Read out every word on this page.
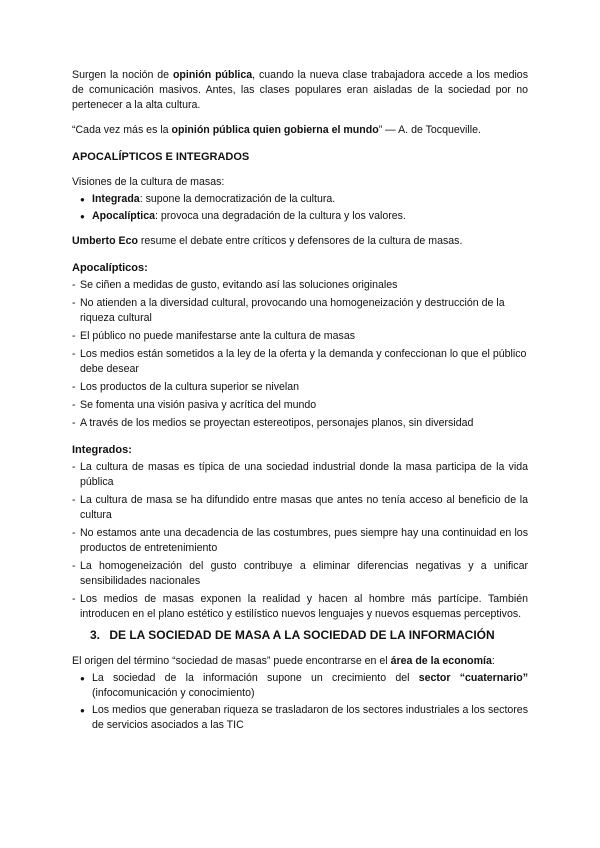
Surgen la noción de opinión pública, cuando la nueva clase trabajadora accede a los medios de comunicación masivos. Antes, las clases populares eran aisladas de la sociedad por no pertenecer a la alta cultura.

“Cada vez más es la opinión pública quien gobierna el mundo” — A. de Tocqueville.

APOCALÍPTICOS E INTEGRADOS

Visiones de la cultura de masas:

● Integrada: supone la democratización de la cultura.
● Apocalíptica: provoca una degradación de la cultura y los valores.

Umberto Eco resume el debate entre críticos y defensores de la cultura de masas.

Apocalípticos:
- Se ciñen a medidas de gusto, evitando así las soluciones originales
- No atienden a la diversidad cultural, provocando una homogeneización y destrucción de la riqueza cultural
- El público no puede manifestarse ante la cultura de masas
- Los medios están sometidos a la ley de la oferta y la demanda y confeccionan lo que el público debe desear
- Los productos de la cultura superior se nivelan
- Se fomenta una visión pasiva y acrítica del mundo
- A través de los medios se proyectan estereotipos, personajes planos, sin diversidad
Integrados:
- La cultura de masas es típica de una sociedad industrial donde la masa participa de la vida pública
- La cultura de masa se ha difundido entre masas que antes no tenía acceso al beneficio de la cultura
- No estamos ante una decadencia de las costumbres, pues siempre hay una continuidad en los productos de entretenimiento
- La homogeneización del gusto contribuye a eliminar diferencias negativas y a unificar sensibilidades nacionales
- Los medios de masas exponen la realidad y hacen al hombre más partícipe. También introducen en el plano estético y estilístico nuevos lenguajes y nuevos esquemas perceptivos.
3. DE LA SOCIEDAD DE MASA A LA SOCIEDAD DE LA INFORMACIÓN

El origen del término “sociedad de masas” puede encontrarse en el área de la economía:

● La sociedad de la información supone un crecimiento del sector “cuaternario” (infocomunicación y conocimiento)
● Los medios que generaban riqueza se trasladaron de los sectores industriales a los sectores de servicios asociados a las TIC
